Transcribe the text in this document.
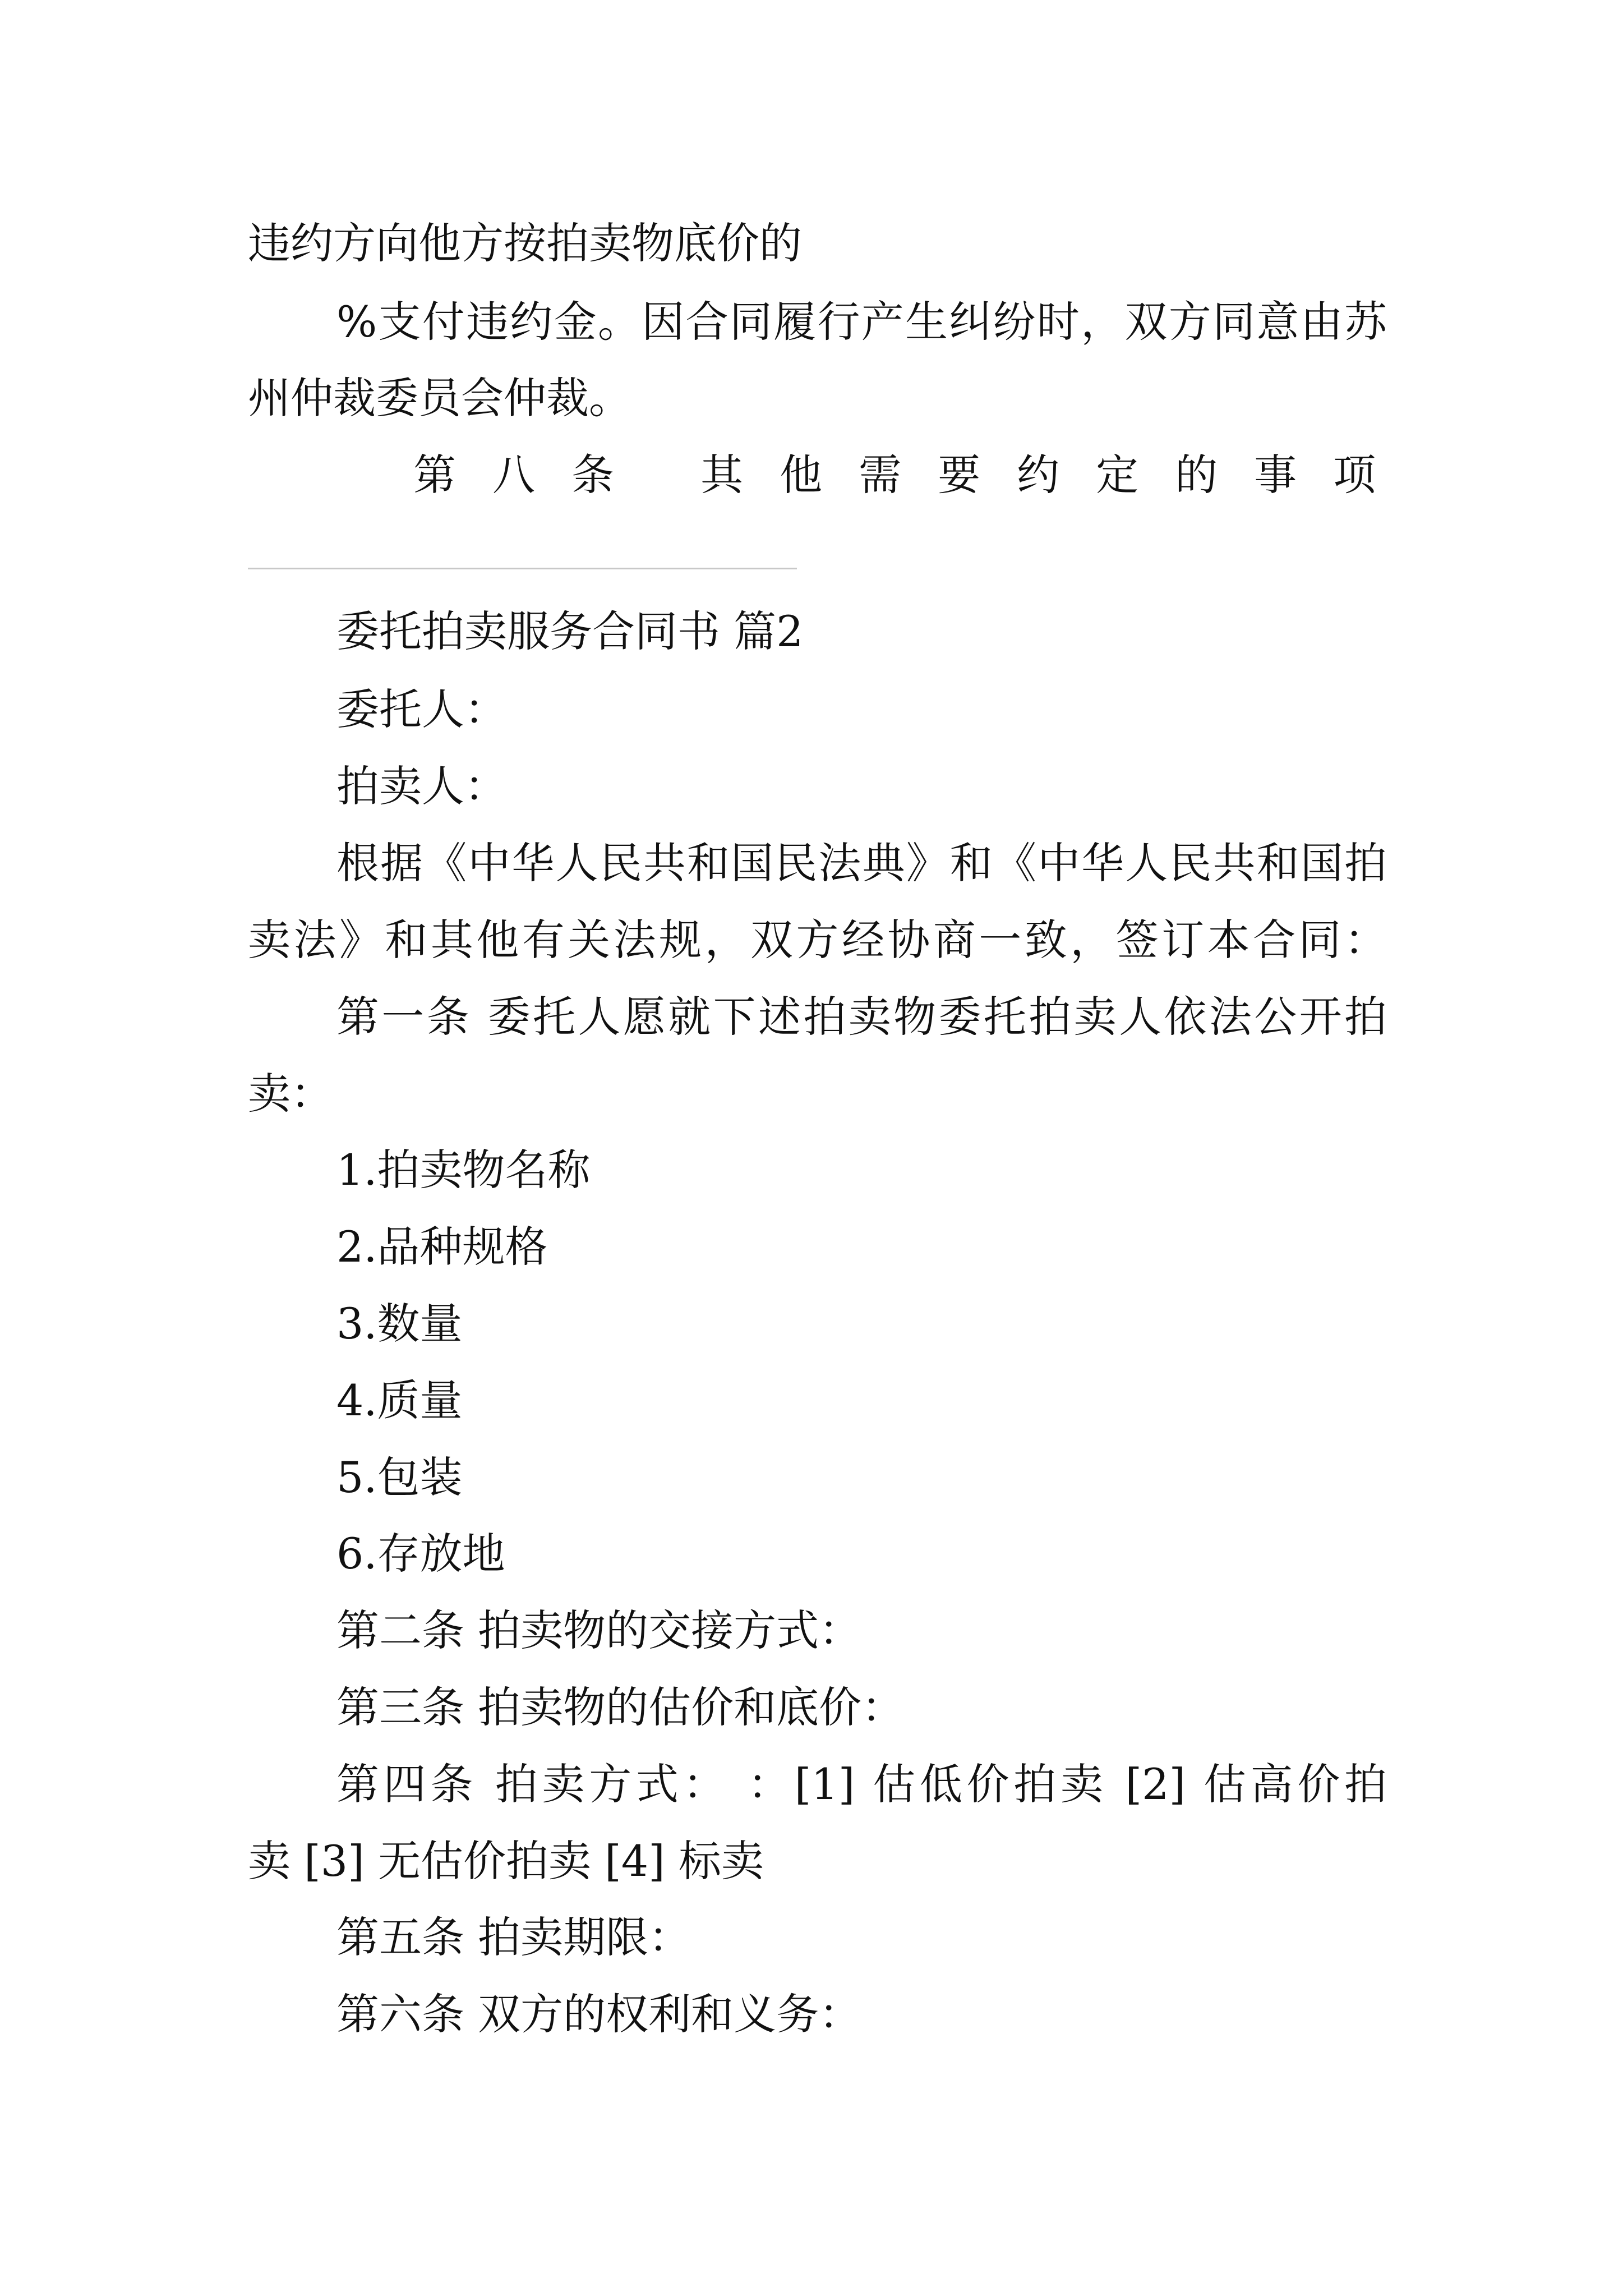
违约方向他方按拍卖物底价的
%支付违约金。因合同履行产生纠纷时，双方同意由苏
州仲裁委员会仲裁。
第八条 其他需要约定的事项
委托拍卖服务合同书 篇2
委托人：
拍卖人：
根据《中华人民共和国民法典》和《中华人民共和国拍
卖法》和其他有关法规，双方经协商一致，签订本合同：
第一条 委托人愿就下述拍卖物委托拍卖人依法公开拍
卖：
1.拍卖物名称
2.品种规格
3.数量
4.质量
5.包装
6.存放地
第二条 拍卖物的交接方式：
第三条 拍卖物的估价和底价：
第四条 拍卖方式： ：[1] 估低价拍卖 [2] 估高价拍
卖 [3] 无估价拍卖 [4] 标卖
第五条 拍卖期限：
第六条 双方的权利和义务：
